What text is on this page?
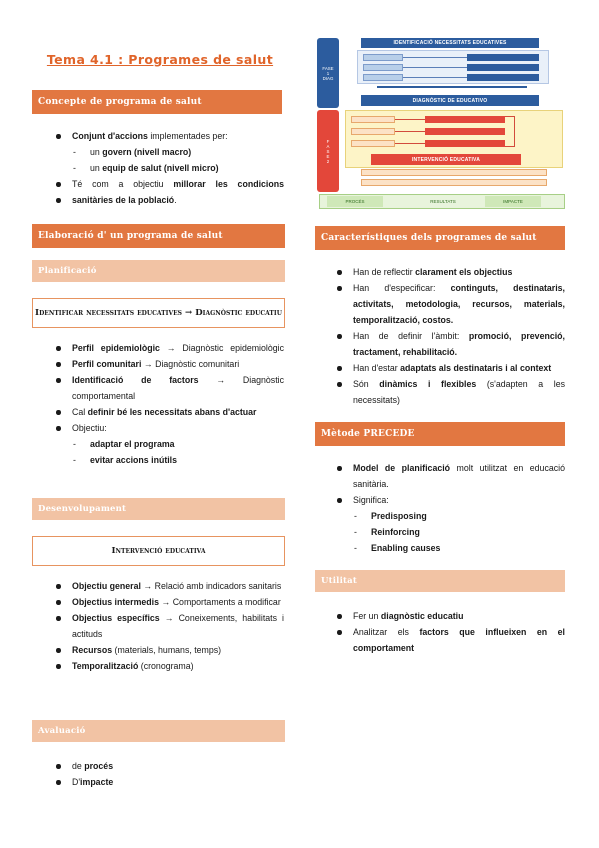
Tema 4.1 : Programes de salut
Concepte de programa de salut
Conjunt d'accions implementades per:
- un govern (nivell macro)
- un equip de salut (nivell micro)
Té com a objectiu millorar les condicions
sanitàries de la població.
Elaboració d' un programa de salut
Planificació
Identificar necessitats educatives → Diagnòstic educatiu
Perfil epidemiològic → Diagnòstic epidemiològic
Perfil comunitari → Diagnòstic comunitari
Identificació de factors → Diagnòstic comportamental
Cal definir bé les necessitats abans d'actuar
Objectiu:
- adaptar el programa
- evitar accions inútils
Desenvolupament
Intervenció educativa
Objectiu general → Relació amb indicadors sanitaris
Objectius intermedis → Comportaments a modificar
Objectius específics → Coneixements, habilitats i actituds
Recursos (materials, humans, temps)
Temporalització (cronograma)
Avaluació
de procés
D'impacte
FASE
1
DIAG
F
A
S
E
2
IDENTIFICACIÓ NECESSITATS EDUCATIVES
DIAGNÒSTIC DE EDUCATIVO
INTERVENCIÓ EDUCATIVA
PROCÉS	RESULTATS	IMPACTE
Característiques dels programes de salut
Han de reflectir clarament els objectius
Han d'especificar: continguts, destinataris, activitats, metodologia, recursos, materials, temporalització, costos.
Han de definir l'àmbit: promoció, prevenció, tractament, rehabilitació.
Han d'estar adaptats als destinataris i al context
Són dinàmics i flexibles (s'adapten a les necessitats)
Mètode PRECEDE
Model de planificació molt utilitzat en educació sanitària.
Significa:
- Predisposing
- Reinforcing
- Enabling causes
Utilitat
Fer un diagnòstic educatiu
Analitzar els factors que influeixen en el comportament
